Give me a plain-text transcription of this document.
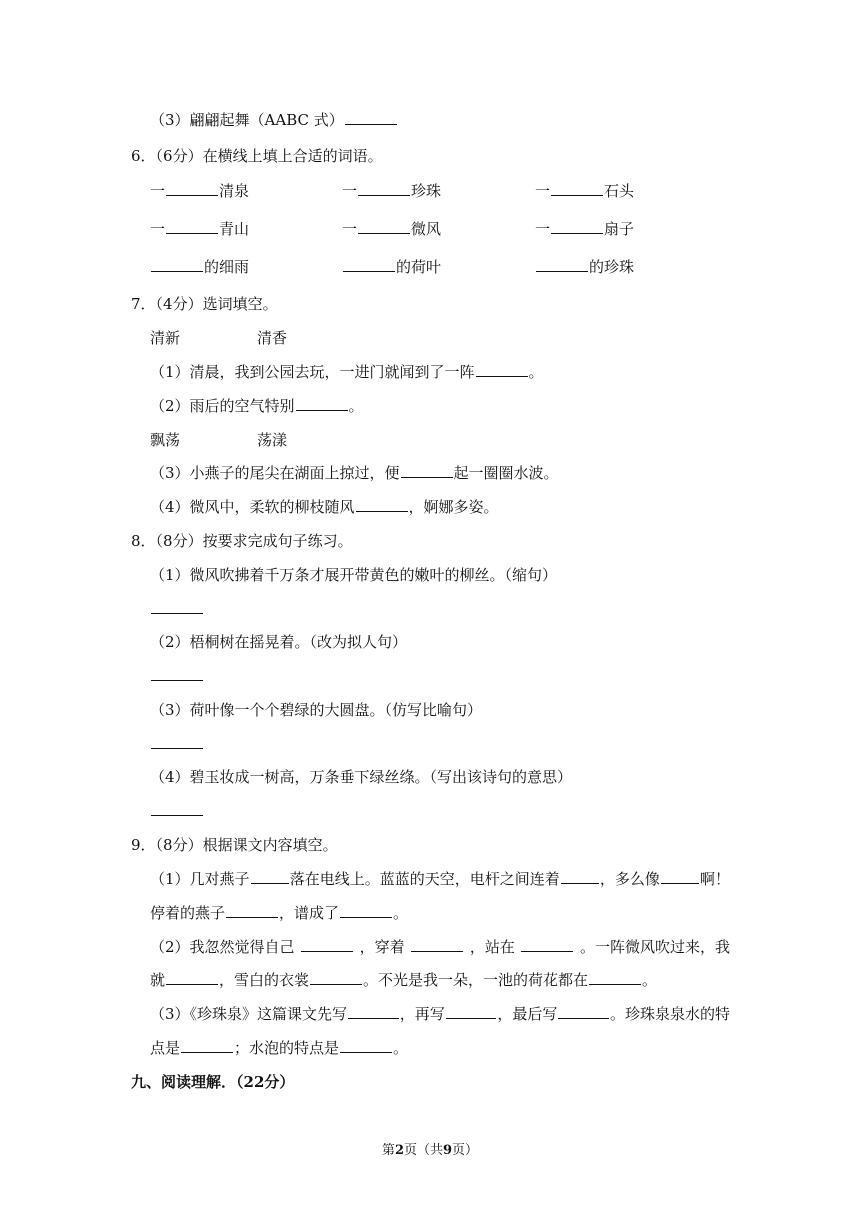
（3）翩翩起舞（AABC 式）
6．（6分）在横线上填上合适的词语。
一	清泉	一	珍珠	一	石头
一	青山	一	微风	一	扇子
的细雨	的荷叶	的珍珠
7．（4分）选词填空。
清新	清香
（1）清晨，我到公园去玩，一进门就闻到了一阵	。
（2）雨后的空气特别	。
飘荡	荡漾
（3）小燕子的尾尖在湖面上掠过，便	起一圈圈水波。
（4）微风中，柔软的柳枝随风	，婀娜多姿。
8．（8分）按要求完成句子练习。
（1）微风吹拂着千万条才展开带黄色的嫩叶的柳丝。（缩句）
（2）梧桐树在摇晃着。（改为拟人句）
（3）荷叶像一个个碧绿的大圆盘。（仿写比喻句）
（4）碧玉妆成一树高，万条垂下绿丝绦。（写出该诗句的意思）
9．（8分）根据课文内容填空。
（1）几对燕子	落在电线上。蓝蓝的天空，电杆之间连着	，多么像	啊！
停着的燕子	，谱成了	。
（2）我忽然觉得自己	，穿着	，站在	。一阵微风吹过来，我
就	，雪白的衣裳	。不光是我一朵，一池的荷花都在	。
（3）《珍珠泉》这篇课文先写	，再写	，最后写	。珍珠泉泉水的特
点是	；水泡的特点是	。
九、阅读理解．（22分）
第2页（共9页）
